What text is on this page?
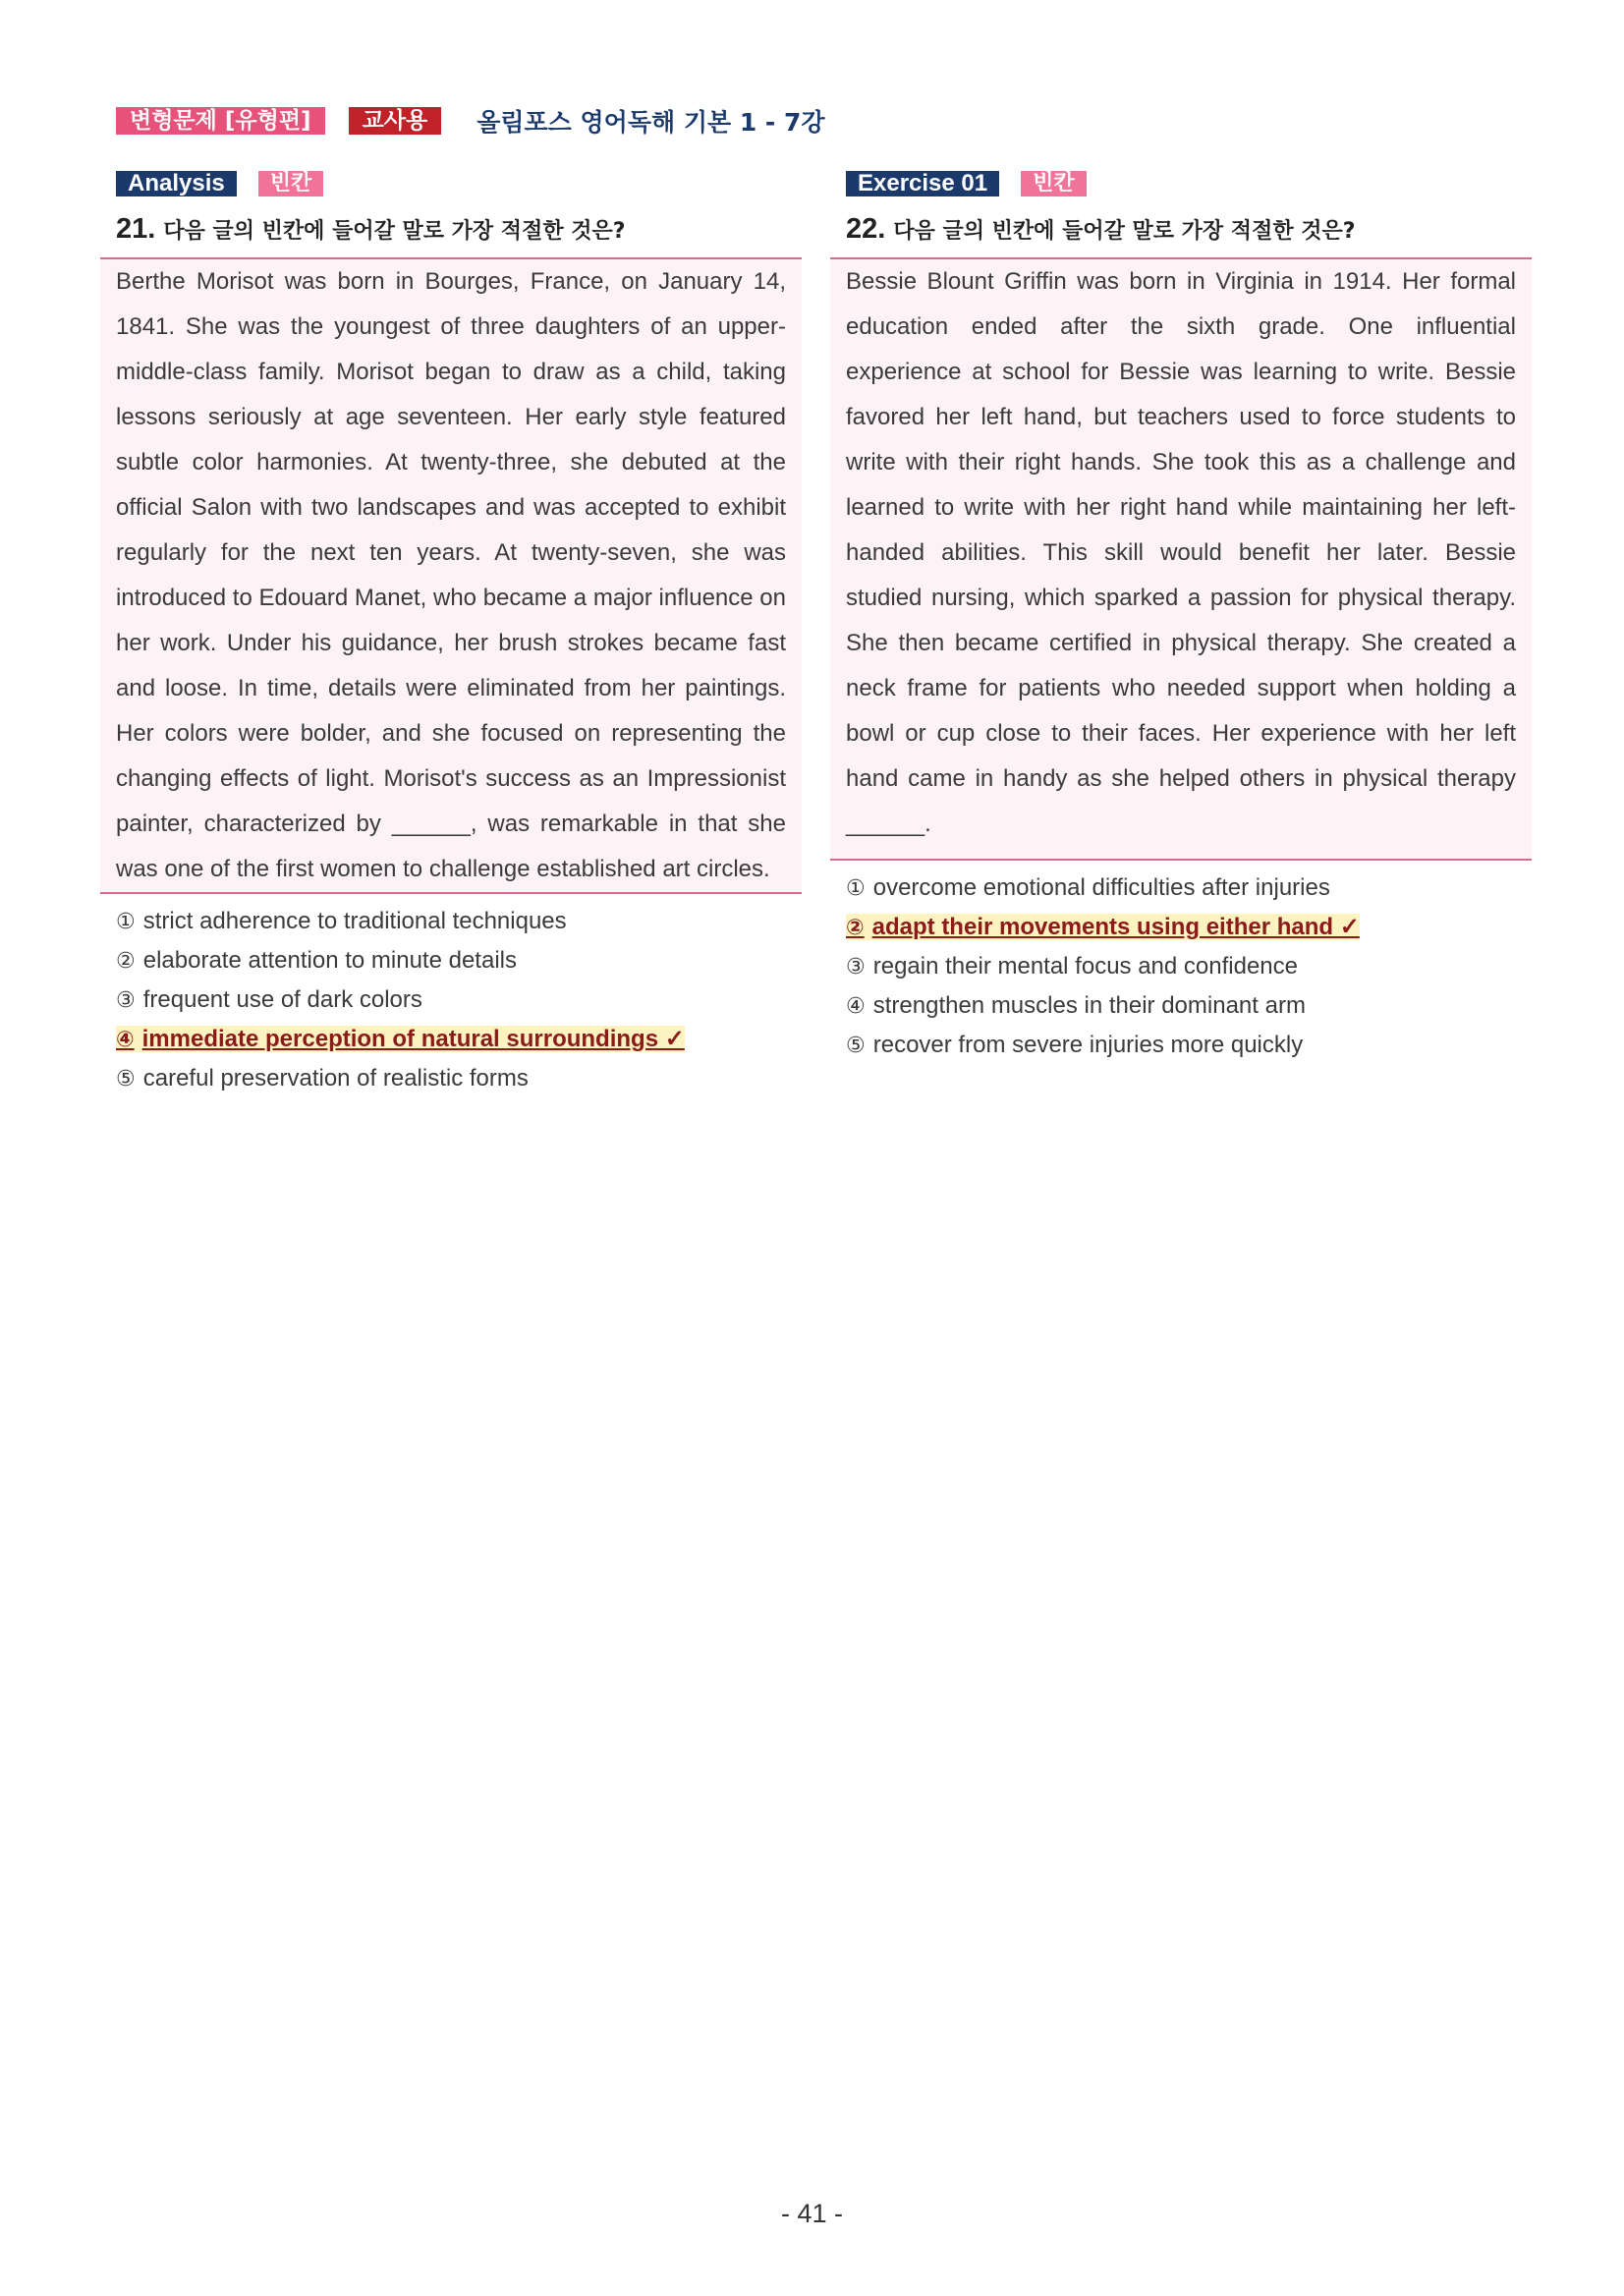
변형문제 [유형편]	교사용	올림포스 영어독해 기본 1 - 7강
Analysis	빈칸
21. 다음 글의 빈칸에 들어갈 말로 가장 적절한 것은?
Berthe Morisot was born in Bourges, France, on January 14, 1841. She was the youngest of three daughters of an upper-middle-class family. Morisot began to draw as a child, taking lessons seriously at age seventeen. Her early style featured subtle color harmonies. At twenty-three, she debuted at the official Salon with two landscapes and was accepted to exhibit regularly for the next ten years. At twenty-seven, she was introduced to Edouard Manet, who became a major influence on her work. Under his guidance, her brush strokes became fast and loose. In time, details were eliminated from her paintings. Her colors were bolder, and she focused on representing the changing effects of light. Morisot's success as an Impressionist painter, characterized by ______, was remarkable in that she was one of the first women to challenge established art circles.
① strict adherence to traditional techniques
② elaborate attention to minute details
③ frequent use of dark colors
④ immediate perception of natural surroundings ✓
⑤ careful preservation of realistic forms
Exercise 01	빈칸
22. 다음 글의 빈칸에 들어갈 말로 가장 적절한 것은?
Bessie Blount Griffin was born in Virginia in 1914. Her formal education ended after the sixth grade. One influential experience at school for Bessie was learning to write. Bessie favored her left hand, but teachers used to force students to write with their right hands. She took this as a challenge and learned to write with her right hand while maintaining her left-handed abilities. This skill would benefit her later. Bessie studied nursing, which sparked a passion for physical therapy. She then became certified in physical therapy. She created a neck frame for patients who needed support when holding a bowl or cup close to their faces. Her experience with her left hand came in handy as she helped others in physical therapy ______.
① overcome emotional difficulties after injuries
② adapt their movements using either hand ✓
③ regain their mental focus and confidence
④ strengthen muscles in their dominant arm
⑤ recover from severe injuries more quickly
- 41 -
